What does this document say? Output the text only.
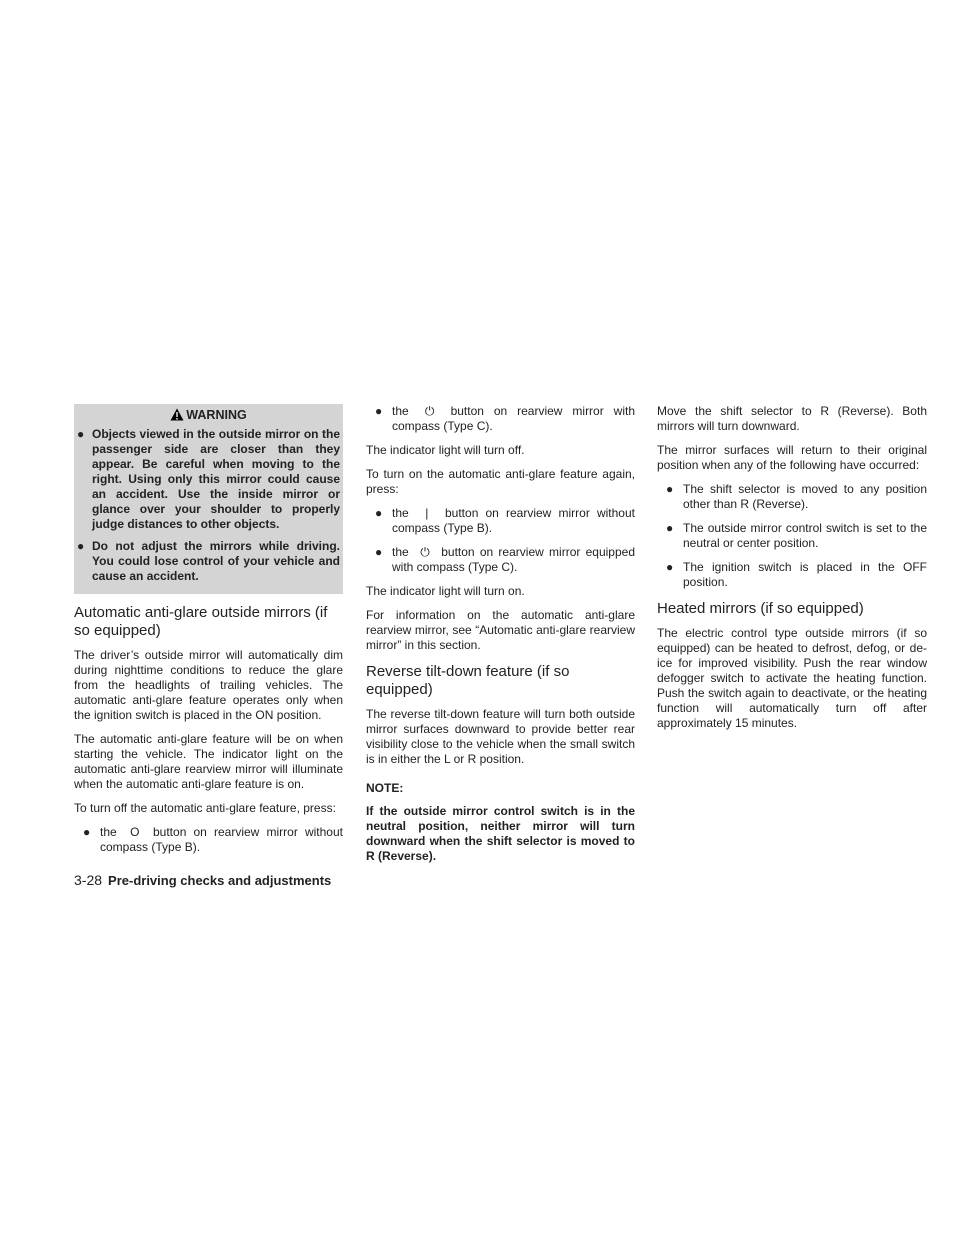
WARNING
● Objects viewed in the outside mirror on the passenger side are closer than they appear. Be careful when moving to the right. Using only this mirror could cause an accident. Use the inside mirror or glance over your shoulder to properly judge distances to other objects.
● Do not adjust the mirrors while driving. You could lose control of your vehicle and cause an accident.
Automatic anti-glare outside mirrors (if so equipped)

The driver’s outside mirror will automatically dim during nighttime conditions to reduce the glare from the headlights of trailing vehicles. The automatic anti-glare feature operates only when the ignition switch is placed in the ON position.

The automatic anti-glare feature will be on when starting the vehicle. The indicator light on the automatic anti-glare rearview mirror will illuminate when the automatic anti-glare feature is on.

To turn off the automatic anti-glare feature, press:

● the O button on rearview mirror without compass (Type B).
● the ⏻ button on rearview mirror with compass (Type C).

The indicator light will turn off.

To turn on the automatic anti-glare feature again, press:

● the | button on rearview mirror without compass (Type B).
● the ⏻ button on rearview mirror equipped with compass (Type C).

The indicator light will turn on.

For information on the automatic anti-glare rearview mirror, see “Automatic anti-glare rearview mirror” in this section.

Reverse tilt-down feature (if so equipped)

The reverse tilt-down feature will turn both outside mirror surfaces downward to provide better rear visibility close to the vehicle when the small switch is in either the L or R position.

NOTE:

If the outside mirror control switch is in the neutral position, neither mirror will turn downward when the shift selector is moved to R (Reverse).

Move the shift selector to R (Reverse). Both mirrors will turn downward.

The mirror surfaces will return to their original position when any of the following have occurred:

● The shift selector is moved to any position other than R (Reverse).
● The outside mirror control switch is set to the neutral or center position.
● The ignition switch is placed in the OFF position.
Heated mirrors (if so equipped)

The electric control type outside mirrors (if so equipped) can be heated to defrost, defog, or de-ice for improved visibility. Push the rear window defogger switch to activate the heating function. Push the switch again to deactivate, or the heating function will automatically turn off after approximately 15 minutes.

3-28 Pre-driving checks and adjustments
